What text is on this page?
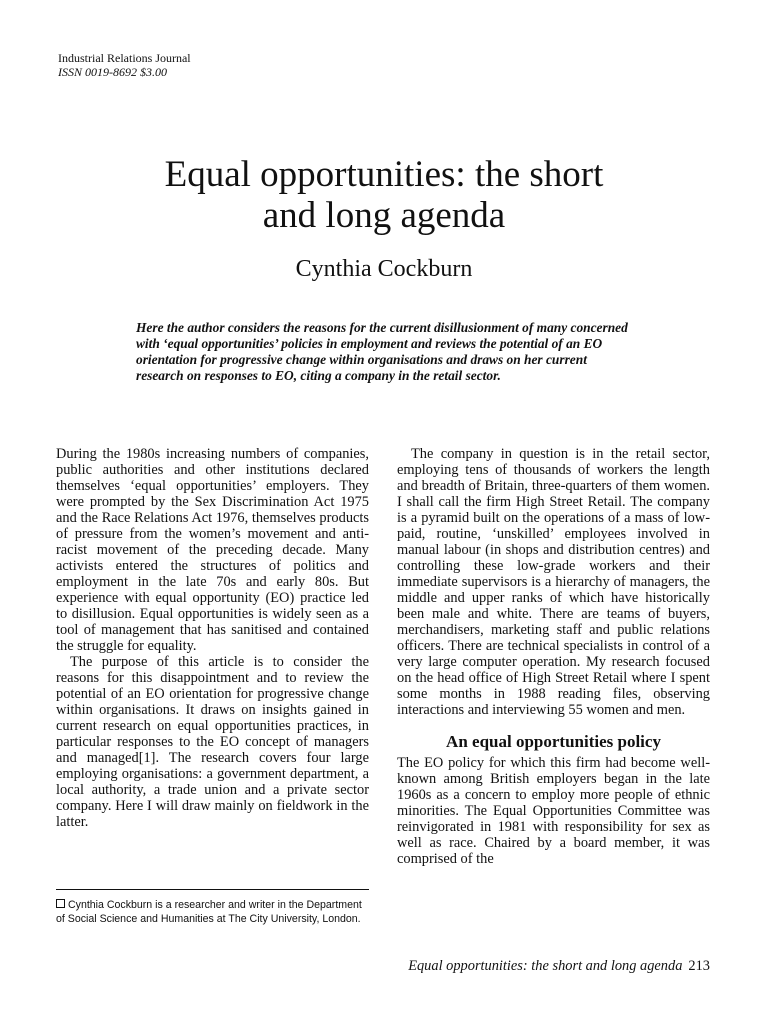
Industrial Relations Journal
ISSN 0019-8692 $3.00
Equal opportunities: the short
and long agenda
Cynthia Cockburn
Here the author considers the reasons for the current disillusionment of many concerned with ‘equal opportunities’ policies in employment and reviews the potential of an EO orientation for progressive change within organisations and draws on her current research on responses to EO, citing a company in the retail sector.

During the 1980s increasing numbers of companies, public authorities and other institutions declared themselves ‘equal opportunities’ employers. They were prompted by the Sex Discrimination Act 1975 and the Race Relations Act 1976, themselves products of pressure from the women’s movement and anti-racist movement of the preceding decade. Many activists entered the structures of politics and employment in the late 70s and early 80s. But experience with equal opportunity (EO) practice led to disillusion. Equal opportunities is widely seen as a tool of management that has sanitised and contained the struggle for equality.

The purpose of this article is to consider the reasons for this disappointment and to review the potential of an EO orientation for progressive change within organisations. It draws on insights gained in current research on equal opportunities practices, in particular responses to the EO concept of managers and managed[1]. The research covers four large employing organisations: a government department, a local authority, a trade union and a private sector company. Here I will draw mainly on fieldwork in the latter.

Cynthia Cockburn is a researcher and writer in the Department of Social Science and Humanities at The City University, London.

The company in question is in the retail sector, employing tens of thousands of workers the length and breadth of Britain, three-quarters of them women. I shall call the firm High Street Retail. The company is a pyramid built on the operations of a mass of low-paid, routine, ‘unskilled’ employees involved in manual labour (in shops and distribution centres) and controlling these low-grade workers and their immediate supervisors is a hierarchy of managers, the middle and upper ranks of which have historically been male and white. There are teams of buyers, merchandisers, marketing staff and public relations officers. There are technical specialists in control of a very large computer operation. My research focused on the head office of High Street Retail where I spent some months in 1988 reading files, observing interactions and interviewing 55 women and men.

An equal opportunities policy

The EO policy for which this firm had become well-known among British employers began in the late 1960s as a concern to employ more people of ethnic minorities. The Equal Opportunities Committee was reinvigorated in 1981 with responsibility for sex as well as race. Chaired by a board member, it was comprised of the

Equal opportunities: the short and long agenda 213
